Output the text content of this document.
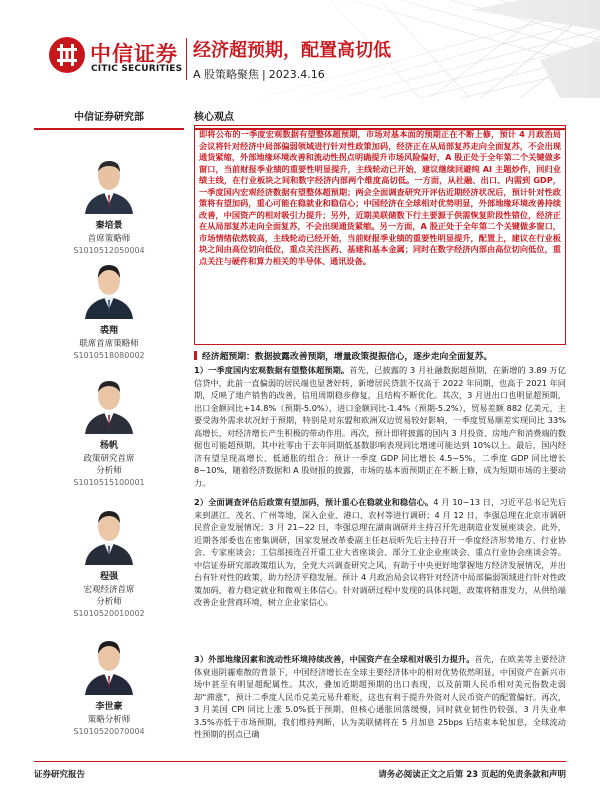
中信证券
CITIC SECURITIES
经济超预期，配置高切低
A 股策略聚焦 | 2023.4.16
中信证券研究部	核心观点
秦培景
首席策略师
S1010512050004
裘翔
联席首席策略师
S1010518080002
杨帆
政策研究首席
分析师
S1010515100001
程强
宏观经济首席
分析师
S1010520010002
李世豪
策略分析师
S1010520070004
即将公布的一季度宏观数据有望整体超预期，市场对基本面的预期正在不断上修，预计 4 月政治局会议将针对经济中局部偏弱领域进行针对性政策加码，经济正在从局部复苏走向全面复苏，不会出现通货紧缩，外部地缘环境改善和流动性拐点明确提升市场风险偏好，A 股正处于全年第二个关键做多窗口，当前财报季业绩的重要性明显提升，主线轮动已开始，建议继续回避纯 AI 主题炒作，回归业绩主线，在行业板块之间和数字经济内部两个维度高切低。一方面，从社融、出口、内需到 GDP，一季度国内宏观经济数据有望整体超预期；两会全面调查研究开评估近期经济状况后，预计针对性政策将有望加码，重心可能在稳就业和稳信心；中国经济在全球相对优势明显，外部地缘环境改善持续改善，中国资产的相对吸引力提升；另外，近期美联储数下行主要源于供需恢复阶段性错位，经济正在从局部复苏走向全面复苏，不会出现通货紧缩。另一方面，A 股正处于全年第二个关键做多窗口，市场情绪依然较高，主线轮动已经开始，当前财报季业绩的重要性明显提升，配置上，建议在行业板块之间由高位切向低位，重点关注医药、基建和基本金属；同时在数字经济内部由高位切向低位，重点关注与硬件和算力相关的半导体、通讯设备。
经济超预期：数据披露改善预期，增量政策提振信心，逐步走向全面复苏。
1）一季度国内宏观数据有望整体超预期。首先，已披露的 3 月社融数据超预期，在新增的 3.89 万亿信贷中，此前一直偏弱的居民端也显著好转，新增居民贷款不仅高于 2022 年同期，也高于 2021 年同期，反映了地产销售的改善，信用周期稳步修复，且结构不断优化。其次，3 月进出口也明显超预期，出口金额同比+14.8%（预期-5.0%），进口金额同比-1.4%（预期-5.2%），贸易差额 882 亿美元，主要受海外需求状况好于预期，特别是对东盟和欧洲双边贸易较好影响，一季度贸易顺差实现同比 33%高增长，对经济增长产生积极的带动作用。再次，预计即将披露的国内 3 月投资、房地产和消费端的数据也可能超预期，其中社零由于去年同期低基数影响表现同比增速可能达到 10%以上。最后，国内经济有望呈现高增长、低通胀的组合：预计一季度 GDP 同比增长 4.5~5%，二季度 GDP 同比增长 8~10%，随着经济数据和 A 股财报的披露，市场的基本面预期正在不断上修，成为短期市场的主要动力。
2）全面调查评估后政策有望加码，预计重心在稳就业和稳信心。4 月 10~13 日，习近平总书记先后来到湛江、茂名、广州等地，深入企业、港口、农村等进行调研；4 月 12 日，李强总理在北京市调研民营企业发展情况；3 月 21~22 日，李强总理在湖南调研并主持召开先进制造业发展座谈会。此外，近期各部委也在密集调研，国家发展改革委副主任赵辰昕先后主持召开一季度经济形势地方、行业协会、专家座谈会；工信部接连召开重工业大省座谈会、部分工业企业座谈会、重点行业协会座谈会等。中信证券研究部政策组认为，全党大兴调查研究之风，有助于中央更好地掌握地方经济发展情况，并出台有针对性的政策，助力经济平稳发展。预计 4 月政治局会议将针对经济中局部偏弱领域进行针对性政策加码，着力稳定就业和微观主体信心。针对调研过程中发现的具体问题，政策将精准发力，从供给端改善企业营商环境，树立企业家信心。
3）外部地缘因素和流动性环境持续改善，中国资产在全球相对吸引力提升。首先，在欧美等主要经济体衰退阴霾难散的背景下，中国经济增长在全球主要经济体中的相对优势依然明显，中国资产在新兴市场中甚至有明显超配属性。其次，叠加近期超预期的出口表现，以及前期人民币相对美元指数走弱却“滞涨”，预计二季度人民币兑美元易升难贬，这也有利于提升外资对人民币资产的配置偏好。再次，3 月美国 CPI 同比上涨 5.0%低于预期，但核心通胀回落缓慢，同时就业韧性仍较强，3 月失业率 3.5%亦低于市场预期，我们维持判断，认为美联储将在 5 月加息 25bps 后结束本轮加息，全球流动性预期的拐点已确
证券研究报告	请务必阅读正文之后第 23 页起的免责条款和声明
